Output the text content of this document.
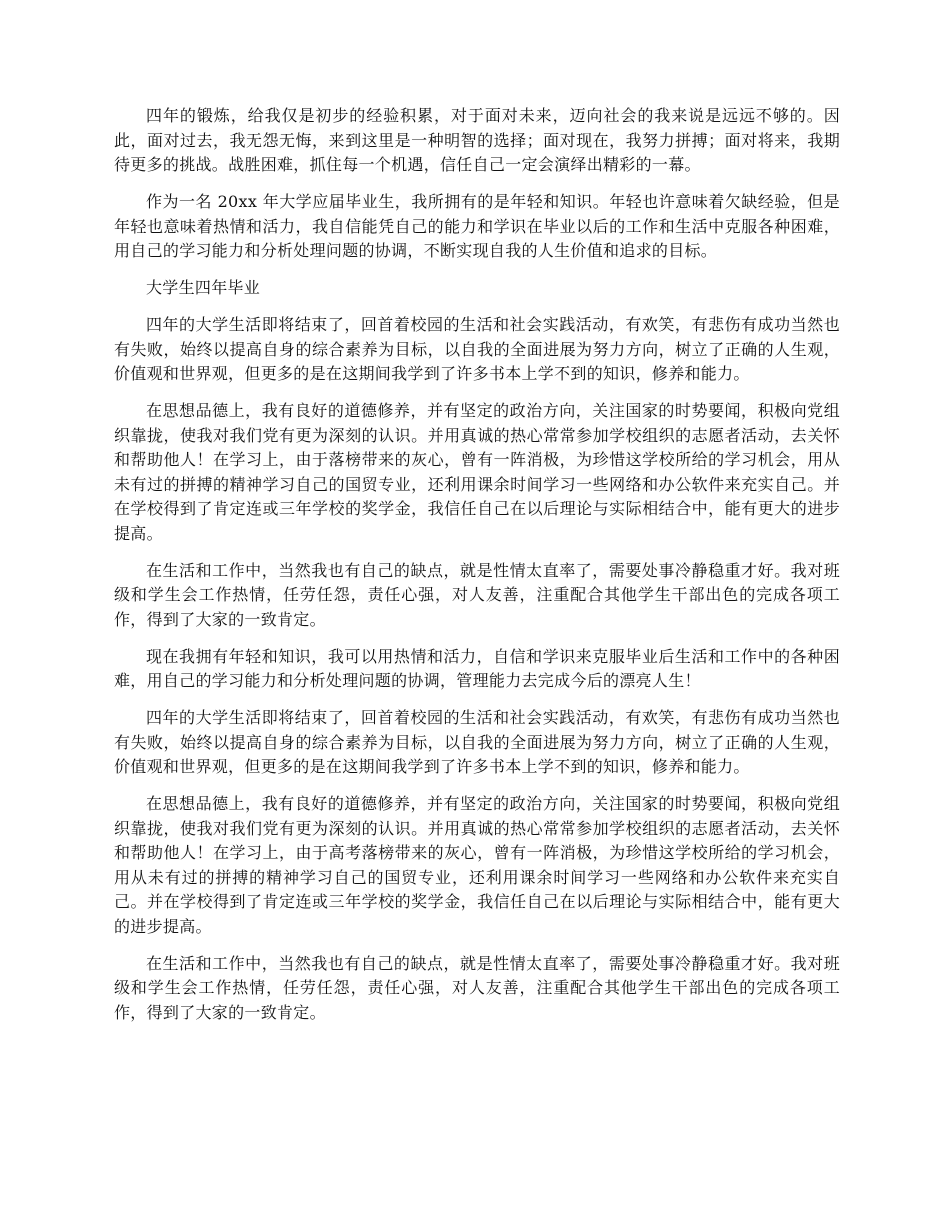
四年的锻炼，给我仅是初步的经验积累，对于面对未来，迈向社会的我来说是远远不够的。因此，面对过去，我无怨无悔，来到这里是一种明智的选择；面对现在，我努力拼搏；面对将来，我期待更多的挑战。战胜困难，抓住每一个机遇，信任自己一定会演绎出精彩的一幕。

作为一名 20xx 年大学应届毕业生，我所拥有的是年轻和知识。年轻也许意味着欠缺经验，但是年轻也意味着热情和活力，我自信能凭自己的能力和学识在毕业以后的工作和生活中克服各种困难，用自己的学习能力和分析处理问题的协调，不断实现自我的人生价值和追求的目标。

大学生四年毕业

四年的大学生活即将结束了，回首着校园的生活和社会实践活动，有欢笑，有悲伤有成功当然也有失败，始终以提高自身的综合素养为目标，以自我的全面进展为努力方向，树立了正确的人生观，价值观和世界观，但更多的是在这期间我学到了许多书本上学不到的知识，修养和能力。

在思想品德上，我有良好的道德修养，并有坚定的政治方向，关注国家的时势要闻，积极向党组织靠拢，使我对我们党有更为深刻的认识。并用真诚的热心常常参加学校组织的志愿者活动，去关怀和帮助他人！在学习上，由于落榜带来的灰心，曾有一阵消极，为珍惜这学校所给的学习机会，用从未有过的拼搏的精神学习自己的国贸专业，还利用课余时间学习一些网络和办公软件来充实自己。并在学校得到了肯定连或三年学校的奖学金，我信任自己在以后理论与实际相结合中，能有更大的进步提高。

在生活和工作中，当然我也有自己的缺点，就是性情太直率了，需要处事冷静稳重才好。我对班级和学生会工作热情，任劳任怨，责任心强，对人友善，注重配合其他学生干部出色的完成各项工作，得到了大家的一致肯定。

现在我拥有年轻和知识，我可以用热情和活力，自信和学识来克服毕业后生活和工作中的各种困难，用自己的学习能力和分析处理问题的协调，管理能力去完成今后的漂亮人生！

四年的大学生活即将结束了，回首着校园的生活和社会实践活动，有欢笑，有悲伤有成功当然也有失败，始终以提高自身的综合素养为目标，以自我的全面进展为努力方向，树立了正确的人生观，价值观和世界观，但更多的是在这期间我学到了许多书本上学不到的知识，修养和能力。

在思想品德上，我有良好的道德修养，并有坚定的政治方向，关注国家的时势要闻，积极向党组织靠拢，使我对我们党有更为深刻的认识。并用真诚的热心常常参加学校组织的志愿者活动，去关怀和帮助他人！在学习上，由于高考落榜带来的灰心，曾有一阵消极，为珍惜这学校所给的学习机会，用从未有过的拼搏的精神学习自己的国贸专业，还利用课余时间学习一些网络和办公软件来充实自己。并在学校得到了肯定连或三年学校的奖学金，我信任自己在以后理论与实际相结合中，能有更大的进步提高。

在生活和工作中，当然我也有自己的缺点，就是性情太直率了，需要处事冷静稳重才好。我对班级和学生会工作热情，任劳任怨，责任心强，对人友善，注重配合其他学生干部出色的完成各项工作，得到了大家的一致肯定。
